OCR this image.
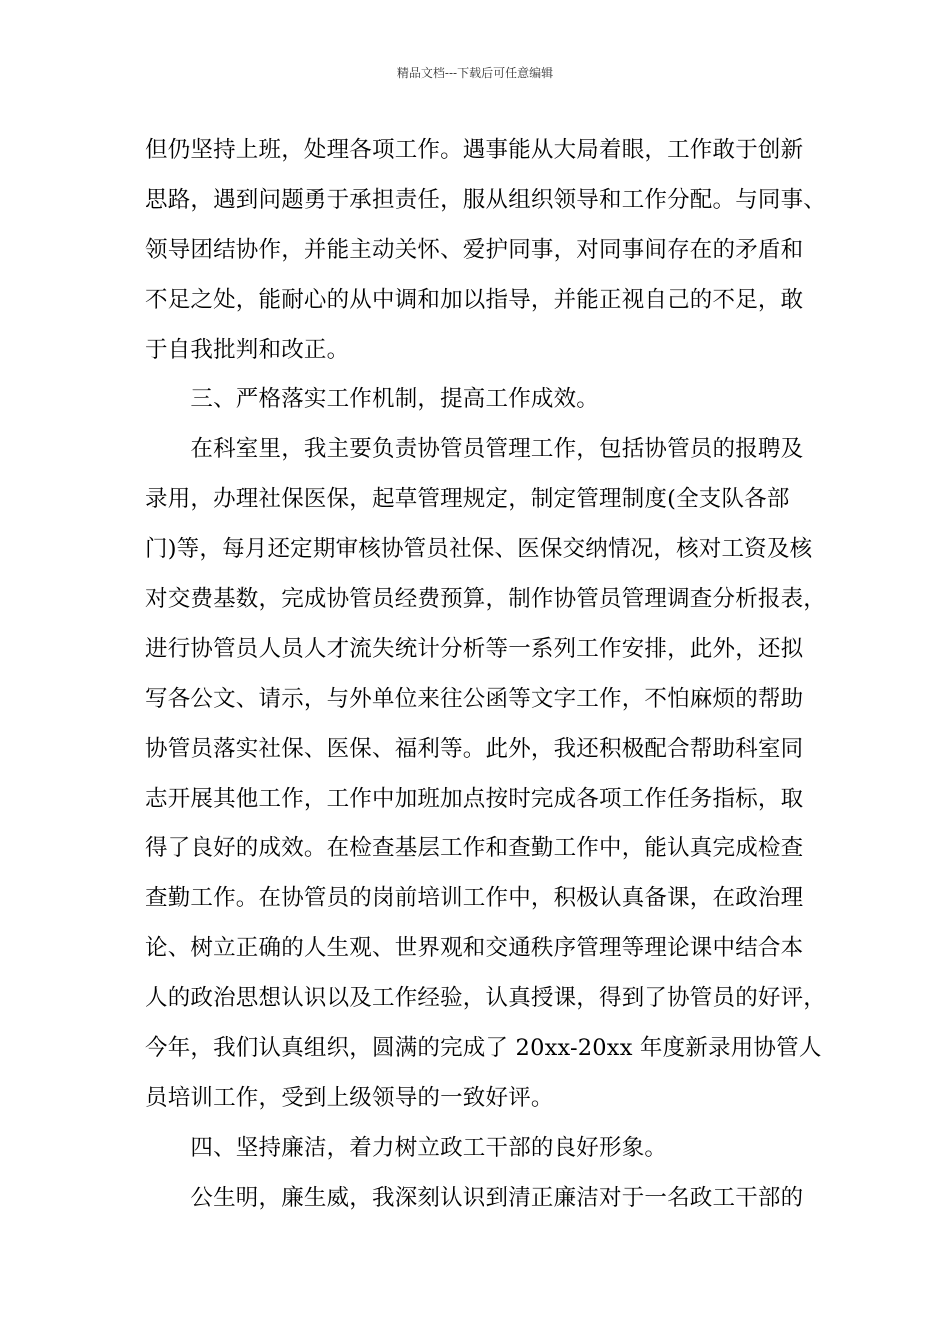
精品文档---下载后可任意编辑
但仍坚持上班，处理各项工作。遇事能从大局着眼，工作敢于创新
思路，遇到问题勇于承担责任，服从组织领导和工作分配。与同事、
领导团结协作，并能主动关怀、爱护同事，对同事间存在的矛盾和
不足之处，能耐心的从中调和加以指导，并能正视自己的不足，敢
于自我批判和改正。
　　三、严格落实工作机制，提高工作成效。
　　在科室里，我主要负责协管员管理工作，包括协管员的报聘及
录用，办理社保医保，起草管理规定，制定管理制度(全支队各部
门)等，每月还定期审核协管员社保、医保交纳情况，核对工资及核
对交费基数，完成协管员经费预算，制作协管员管理调查分析报表，
进行协管员人员人才流失统计分析等一系列工作安排，此外，还拟
写各公文、请示，与外单位来往公函等文字工作，不怕麻烦的帮助
协管员落实社保、医保、福利等。此外，我还积极配合帮助科室同
志开展其他工作，工作中加班加点按时完成各项工作任务指标，取
得了良好的成效。在检查基层工作和查勤工作中，能认真完成检查
查勤工作。在协管员的岗前培训工作中，积极认真备课，在政治理
论、树立正确的人生观、世界观和交通秩序管理等理论课中结合本
人的政治思想认识以及工作经验，认真授课，得到了协管员的好评，
今年，我们认真组织，圆满的完成了 20xx-20xx 年度新录用协管人
员培训工作，受到上级领导的一致好评。
　　四、坚持廉洁，着力树立政工干部的良好形象。
　　公生明，廉生威，我深刻认识到清正廉洁对于一名政工干部的
